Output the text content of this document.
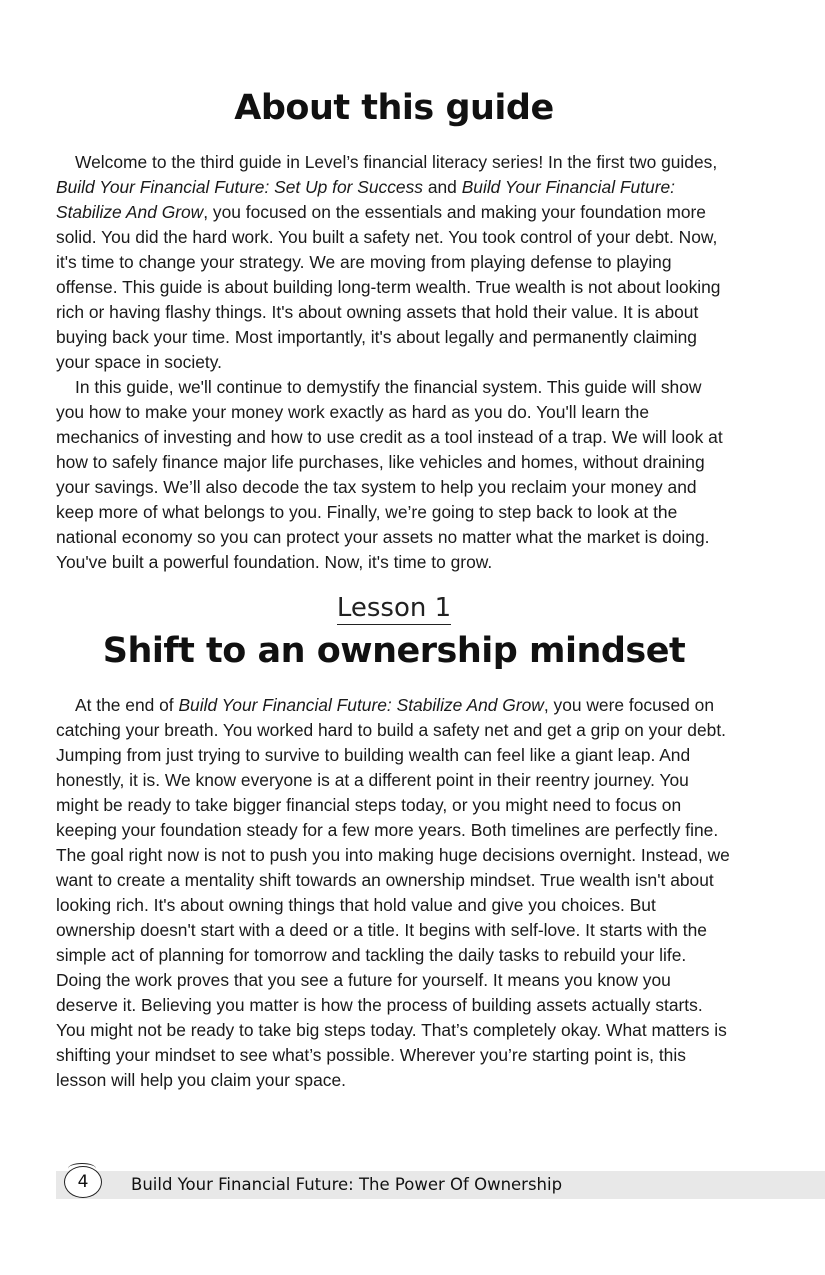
About this guide

Welcome to the third guide in Level’s financial literacy series! In the first two guides, Build Your Financial Future: Set Up for Success and Build Your Financial Future: Stabilize And Grow, you focused on the essentials and making your foundation more solid. You did the hard work. You built a safety net. You took control of your debt. Now, it's time to change your strategy. We are moving from playing defense to playing offense. This guide is about building long-term wealth. True wealth is not about looking rich or having flashy things. It's about owning assets that hold their value. It is about buying back your time. Most importantly, it's about legally and permanently claiming your space in society.

In this guide, we'll continue to demystify the financial system. This guide will show you how to make your money work exactly as hard as you do. You'll learn the mechanics of investing and how to use credit as a tool instead of a trap. We will look at how to safely finance major life purchases, like vehicles and homes, without draining your savings. We’ll also decode the tax system to help you reclaim your money and keep more of what belongs to you. Finally, we’re going to step back to look at the national economy so you can protect your assets no matter what the market is doing. You've built a powerful foundation. Now, it's time to grow.

Lesson 1
Shift to an ownership mindset

At the end of Build Your Financial Future: Stabilize And Grow, you were focused on catching your breath. You worked hard to build a safety net and get a grip on your debt. Jumping from just trying to survive to building wealth can feel like a giant leap. And honestly, it is. We know everyone is at a different point in their reentry journey. You might be ready to take bigger financial steps today, or you might need to focus on keeping your foundation steady for a few more years. Both timelines are perfectly fine. The goal right now is not to push you into making huge decisions overnight. Instead, we want to create a mentality shift towards an ownership mindset. True wealth isn't about looking rich. It's about owning things that hold value and give you choices. But ownership doesn't start with a deed or a title. It begins with self-love. It starts with the simple act of planning for tomorrow and tackling the daily tasks to rebuild your life. Doing the work proves that you see a future for yourself. It means you know you deserve it. Believing you matter is how the process of building assets actually starts. You might not be ready to take big steps today. That’s completely okay. What matters is shifting your mindset to see what’s possible. Wherever you’re starting point is, this lesson will help you claim your space.

4	Build Your Financial Future: The Power Of Ownership
